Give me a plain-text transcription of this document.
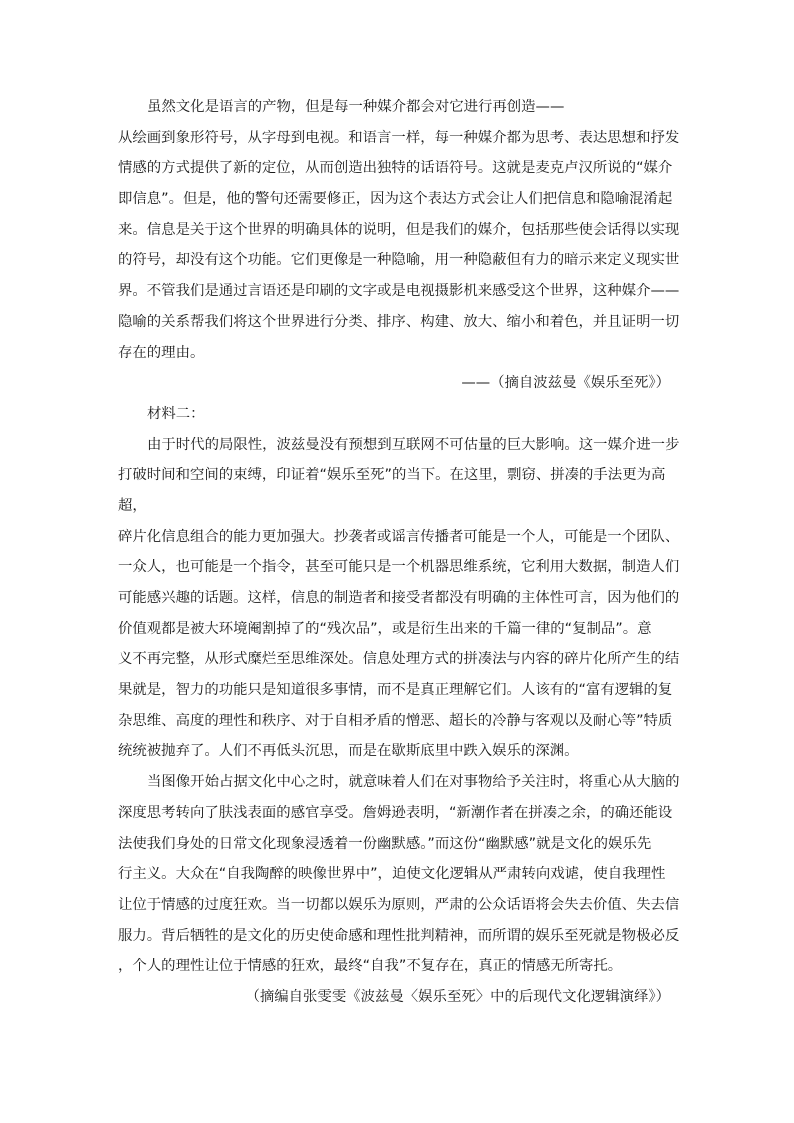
虽然文化是语言的产物，但是每一种媒介都会对它进行再创造——
从绘画到象形符号，从字母到电视。和语言一样，每一种媒介都为思考、表达思想和抒发
情感的方式提供了新的定位，从而创造出独特的话语符号。这就是麦克卢汉所说的“媒介
即信息”。但是，他的警句还需要修正，因为这个表达方式会让人们把信息和隐喻混淆起
来。信息是关于这个世界的明确具体的说明，但是我们的媒介，包括那些使会话得以实现
的符号，却没有这个功能。它们更像是一种隐喻，用一种隐蔽但有力的暗示来定义现实世
界。不管我们是通过言语还是印刷的文字或是电视摄影机来感受这个世界，这种媒介——
隐喻的关系帮我们将这个世界进行分类、排序、构建、放大、缩小和着色，并且证明一切
存在的理由。
——（摘自波兹曼《娱乐至死》）
材料二：
由于时代的局限性，波兹曼没有预想到互联网不可估量的巨大影响。这一媒介进一步
打破时间和空间的束缚，印证着“娱乐至死”的当下。在这里，剽窃、拼凑的手法更为高
超，
碎片化信息组合的能力更加强大。抄袭者或谣言传播者可能是一个人，可能是一个团队、
一众人，也可能是一个指令，甚至可能只是一个机器思维系统，它利用大数据，制造人们
可能感兴趣的话题。这样，信息的制造者和接受者都没有明确的主体性可言，因为他们的
价值观都是被大环境阉割掉了的“残次品”，或是衍生出来的千篇一律的“复制品”。意
义不再完整，从形式糜烂至思维深处。信息处理方式的拼凑法与内容的碎片化所产生的结
果就是，智力的功能只是知道很多事情，而不是真正理解它们。人该有的“富有逻辑的复
杂思维、高度的理性和秩序、对于自相矛盾的憎恶、超长的冷静与客观以及耐心等”特质
统统被抛弃了。人们不再低头沉思，而是在歇斯底里中跌入娱乐的深渊。
当图像开始占据文化中心之时，就意味着人们在对事物给予关注时，将重心从大脑的
深度思考转向了肤浅表面的感官享受。詹姆逊表明，“新潮作者在拼凑之余，的确还能设
法使我们身处的日常文化现象浸透着一份幽默感。”而这份“幽默感”就是文化的娱乐先
行主义。大众在“自我陶醉的映像世界中”，迫使文化逻辑从严肃转向戏谑，使自我理性
让位于情感的过度狂欢。当一切都以娱乐为原则，严肃的公众话语将会失去价值、失去信
服力。背后牺牲的是文化的历史使命感和理性批判精神，而所谓的娱乐至死就是物极必反
，个人的理性让位于情感的狂欢，最终“自我”不复存在，真正的情感无所寄托。
（摘编自张雯雯《波兹曼〈娱乐至死〉中的后现代文化逻辑演绎》）
